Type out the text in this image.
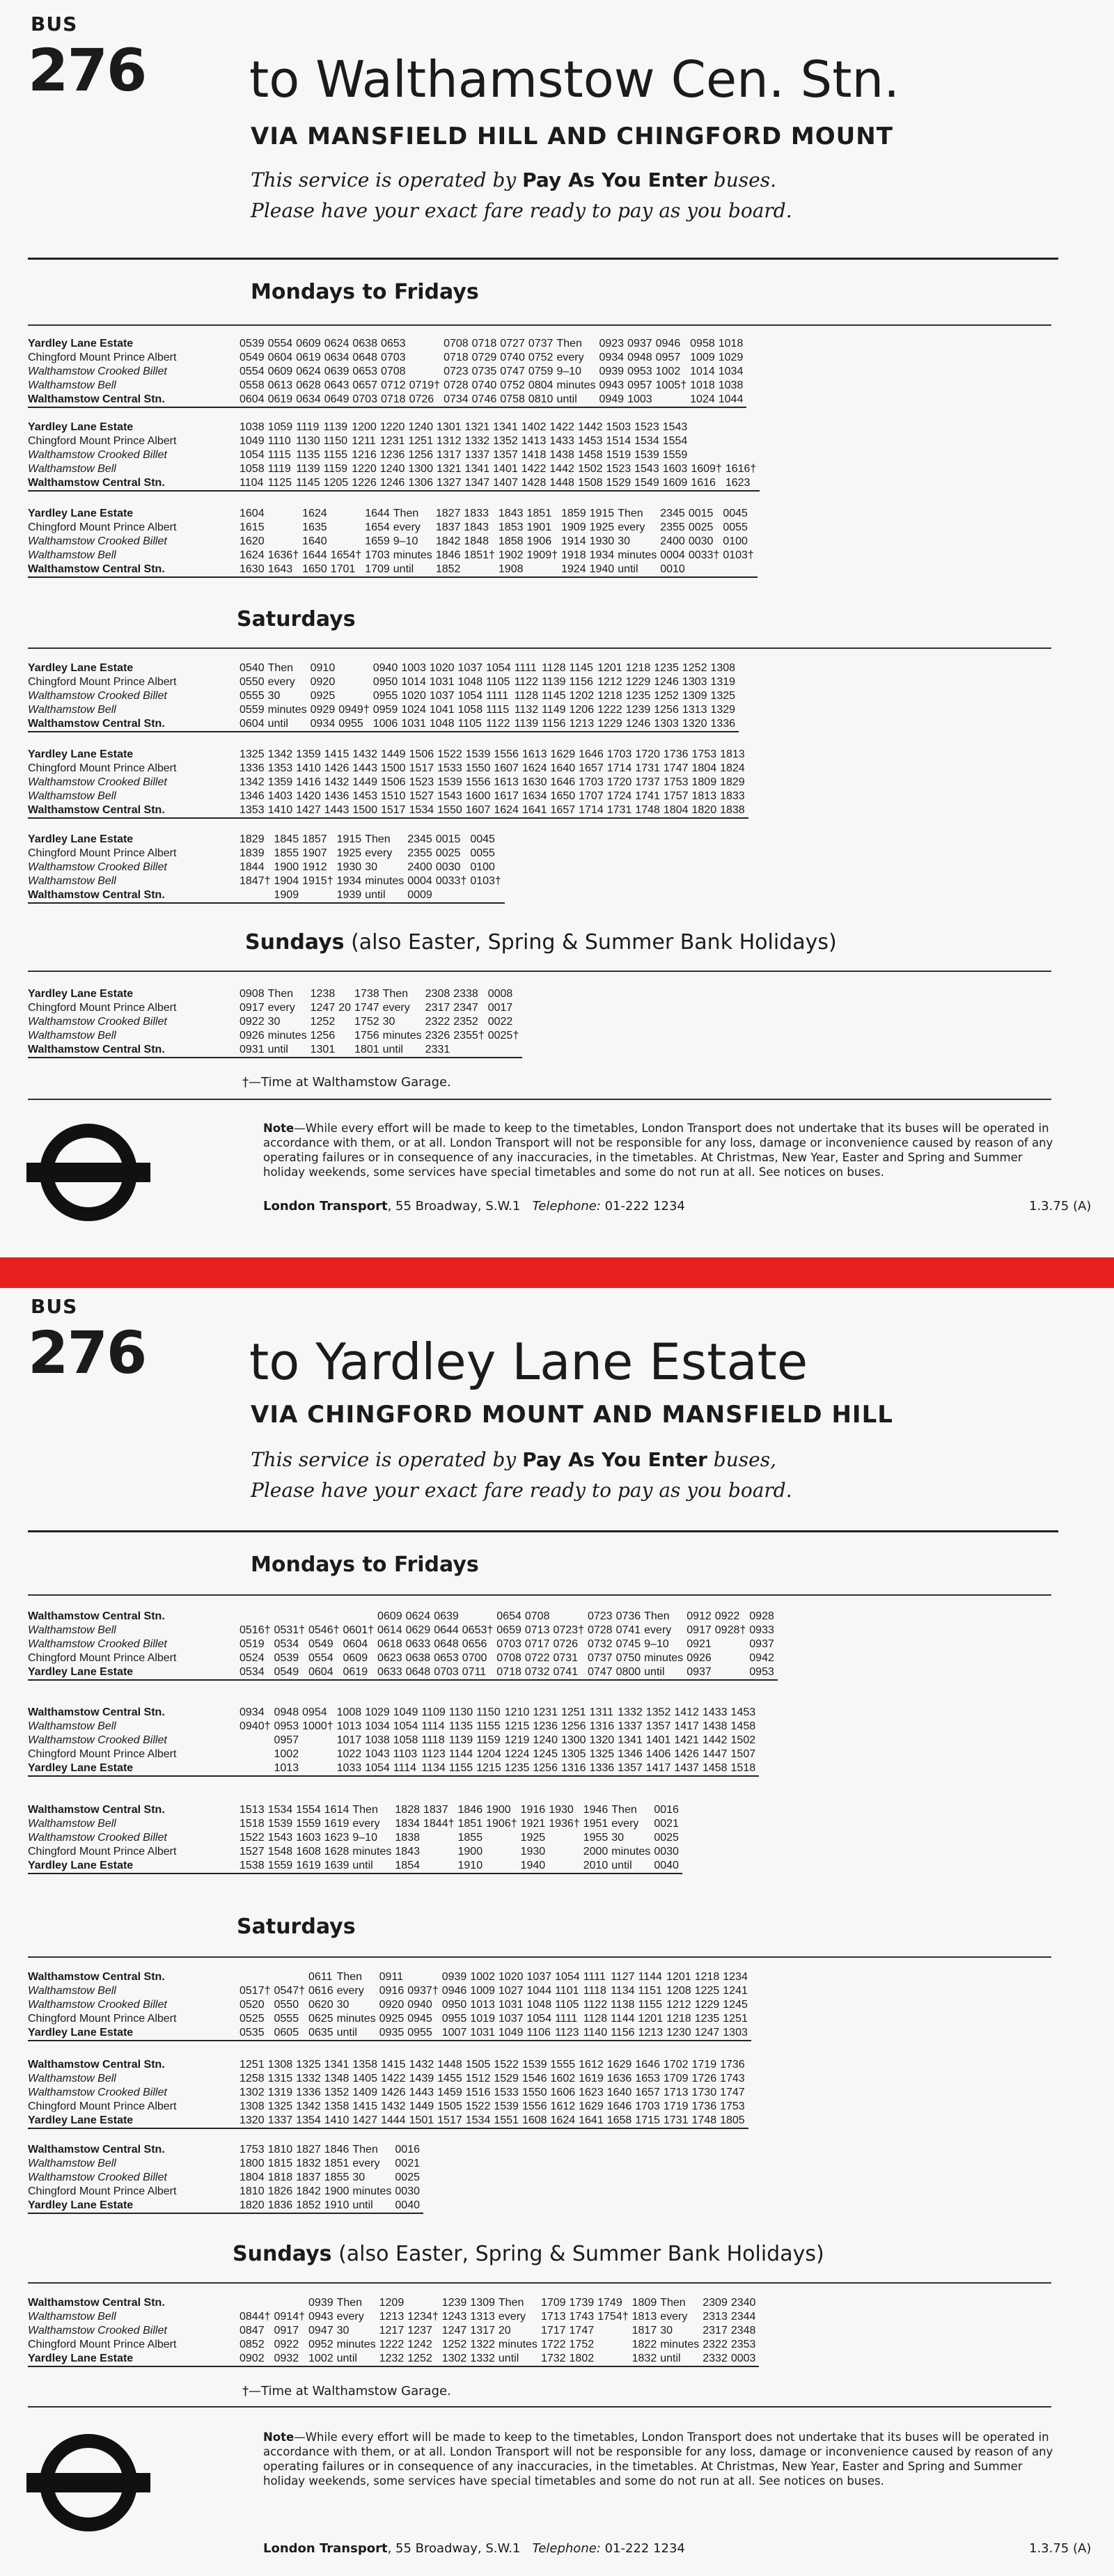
BUS
276 to Walthamstow Cen. Stn.
VIA MANSFIELD HILL AND CHINGFORD MOUNT
This service is operated by Pay As You Enter buses.
Please have your exact fare ready to pay as you board.
Mondays to Fridays
Yardley Lane Estate	0539	0554	0609	0624	0638	0653		0708	0718	0727	0737	Then	0923	0937	0946	0958	1018
Chingford Mount Prince Albert	0549	0604	0619	0634	0648	0703		0718	0729	0740	0752	every	0934	0948	0957	1009	1029
Walthamstow Crooked Billet	0554	0609	0624	0639	0653	0708		0723	0735	0747	0759	9–10	0939	0953	1002	1014	1034
Walthamstow Bell	0558	0613	0628	0643	0657	0712	0719†	0728	0740	0752	0804	minutes	0943	0957	1005†	1018	1038
Walthamstow Central Stn.	0604	0619	0634	0649	0703	0718	0726	0734	0746	0758	0810	until	0949	1003		1024	1044
Yardley Lane Estate	1038	1059	1119	1139	1200	1220	1240	1301	1321	1341	1402	1422	1442	1503	1523	1543		
Chingford Mount Prince Albert	1049	1110	1130	1150	1211	1231	1251	1312	1332	1352	1413	1433	1453	1514	1534	1554		
Walthamstow Crooked Billet	1054	1115	1135	1155	1216	1236	1256	1317	1337	1357	1418	1438	1458	1519	1539	1559		
Walthamstow Bell	1058	1119	1139	1159	1220	1240	1300	1321	1341	1401	1422	1442	1502	1523	1543	1603	1609†	1616†
Walthamstow Central Stn.	1104	1125	1145	1205	1226	1246	1306	1327	1347	1407	1428	1448	1508	1529	1549	1609	1616	1623
Yardley Lane Estate	1604		1624		1644	Then	1827	1833	1843	1851	1859	1915	Then	2345	0015	0045
Chingford Mount Prince Albert	1615		1635		1654	every	1837	1843	1853	1901	1909	1925	every	2355	0025	0055
Walthamstow Crooked Billet	1620		1640		1659	9–10	1842	1848	1858	1906	1914	1930	30	2400	0030	0100
Walthamstow Bell	1624	1636†	1644	1654†	1703	minutes	1846	1851†	1902	1909†	1918	1934	minutes	0004	0033†	0103†
Walthamstow Central Stn.	1630	1643	1650	1701	1709	until	1852		1908		1924	1940	until	0010		
Saturdays
Yardley Lane Estate	0540	Then	0910		0940	1003	1020	1037	1054	1111	1128	1145	1201	1218	1235	1252	1308
Chingford Mount Prince Albert	0550	every	0920		0950	1014	1031	1048	1105	1122	1139	1156	1212	1229	1246	1303	1319
Walthamstow Crooked Billet	0555	30	0925		0955	1020	1037	1054	1111	1128	1145	1202	1218	1235	1252	1309	1325
Walthamstow Bell	0559	minutes	0929	0949†	0959	1024	1041	1058	1115	1132	1149	1206	1222	1239	1256	1313	1329
Walthamstow Central Stn.	0604	until	0934	0955	1006	1031	1048	1105	1122	1139	1156	1213	1229	1246	1303	1320	1336
Yardley Lane Estate	1325	1342	1359	1415	1432	1449	1506	1522	1539	1556	1613	1629	1646	1703	1720	1736	1753	1813
Chingford Mount Prince Albert	1336	1353	1410	1426	1443	1500	1517	1533	1550	1607	1624	1640	1657	1714	1731	1747	1804	1824
Walthamstow Crooked Billet	1342	1359	1416	1432	1449	1506	1523	1539	1556	1613	1630	1646	1703	1720	1737	1753	1809	1829
Walthamstow Bell	1346	1403	1420	1436	1453	1510	1527	1543	1600	1617	1634	1650	1707	1724	1741	1757	1813	1833
Walthamstow Central Stn.	1353	1410	1427	1443	1500	1517	1534	1550	1607	1624	1641	1657	1714	1731	1748	1804	1820	1838
Yardley Lane Estate	1829	1845	1857	1915	Then	2345	0015	0045
Chingford Mount Prince Albert	1839	1855	1907	1925	every	2355	0025	0055
Walthamstow Crooked Billet	1844	1900	1912	1930	30	2400	0030	0100
Walthamstow Bell	1847†	1904	1915†	1934	minutes	0004	0033†	0103†
Walthamstow Central Stn.		1909		1939	until	0009		
Sundays (also Easter, Spring & Summer Bank Holidays)
Yardley Lane Estate	0908	Then	1238		1738	Then	2308	2338	0008
Chingford Mount Prince Albert	0917	every	1247	20	1747	every	2317	2347	0017
Walthamstow Crooked Billet	0922	30	1252		1752	30	2322	2352	0022
Walthamstow Bell	0926	minutes	1256		1756	minutes	2326	2355†	0025†
Walthamstow Central Stn.	0931	until	1301		1801	until	2331		
†—Time at Walthamstow Garage.
Note—While every effort will be made to keep to the timetables, London Transport does not undertake that its buses will be operated in accordance with them, or at all. London Transport will not be responsible for any loss, damage or inconvenience caused by reason of any operating failures or in consequence of any inaccuracies, in the timetables. At Christmas, New Year, Easter and Spring and Summer holiday weekends, some services have special timetables and some do not run at all. See notices on buses.
London Transport, 55 Broadway, S.W.1 Telephone: 01-222 1234	1.3.75 (A)
BUS
276 to Yardley Lane Estate
VIA CHINGFORD MOUNT AND MANSFIELD HILL
This service is operated by Pay As You Enter buses,
Please have your exact fare ready to pay as you board.
Mondays to Fridays
Walthamstow Central Stn.					0609	0624	0639		0654	0708		0723	0736	Then	0912	0922	0928
Walthamstow Bell	0516†	0531†	0546†	0601†	0614	0629	0644	0653†	0659	0713	0723†	0728	0741	every	0917	0928†	0933
Walthamstow Crooked Billet	0519	0534	0549	0604	0618	0633	0648	0656	0703	0717	0726	0732	0745	9–10	0921		0937
Chingford Mount Prince Albert	0524	0539	0554	0609	0623	0638	0653	0700	0708	0722	0731	0737	0750	minutes	0926		0942
Yardley Lane Estate	0534	0549	0604	0619	0633	0648	0703	0711	0718	0732	0741	0747	0800	until	0937		0953
Walthamstow Central Stn.	0934	0948	0954	1008	1029	1049	1109	1130	1150	1210	1231	1251	1311	1332	1352	1412	1433	1453
Walthamstow Bell	0940†	0953	1000†	1013	1034	1054	1114	1135	1155	1215	1236	1256	1316	1337	1357	1417	1438	1458
Walthamstow Crooked Billet		0957		1017	1038	1058	1118	1139	1159	1219	1240	1300	1320	1341	1401	1421	1442	1502
Chingford Mount Prince Albert		1002		1022	1043	1103	1123	1144	1204	1224	1245	1305	1325	1346	1406	1426	1447	1507
Yardley Lane Estate		1013		1033	1054	1114	1134	1155	1215	1235	1256	1316	1336	1357	1417	1437	1458	1518
Walthamstow Central Stn.	1513	1534	1554	1614	Then	1828	1837	1846	1900	1916	1930	1946	Then	0016
Walthamstow Bell	1518	1539	1559	1619	every	1834	1844†	1851	1906†	1921	1936†	1951	every	0021
Walthamstow Crooked Billet	1522	1543	1603	1623	9–10	1838		1855		1925		1955	30	0025
Chingford Mount Prince Albert	1527	1548	1608	1628	minutes	1843		1900		1930		2000	minutes	0030
Yardley Lane Estate	1538	1559	1619	1639	until	1854		1910		1940		2010	until	0040
Saturdays
Walthamstow Central Stn.			0611	Then	0911		0939	1002	1020	1037	1054	1111	1127	1144	1201	1218	1234
Walthamstow Bell	0517†	0547†	0616	every	0916	0937†	0946	1009	1027	1044	1101	1118	1134	1151	1208	1225	1241
Walthamstow Crooked Billet	0520	0550	0620	30	0920	0940	0950	1013	1031	1048	1105	1122	1138	1155	1212	1229	1245
Chingford Mount Prince Albert	0525	0555	0625	minutes	0925	0945	0955	1019	1037	1054	1111	1128	1144	1201	1218	1235	1251
Yardley Lane Estate	0535	0605	0635	until	0935	0955	1007	1031	1049	1106	1123	1140	1156	1213	1230	1247	1303
Walthamstow Central Stn.	1251	1308	1325	1341	1358	1415	1432	1448	1505	1522	1539	1555	1612	1629	1646	1702	1719	1736
Walthamstow Bell	1258	1315	1332	1348	1405	1422	1439	1455	1512	1529	1546	1602	1619	1636	1653	1709	1726	1743
Walthamstow Crooked Billet	1302	1319	1336	1352	1409	1426	1443	1459	1516	1533	1550	1606	1623	1640	1657	1713	1730	1747
Chingford Mount Prince Albert	1308	1325	1342	1358	1415	1432	1449	1505	1522	1539	1556	1612	1629	1646	1703	1719	1736	1753
Yardley Lane Estate	1320	1337	1354	1410	1427	1444	1501	1517	1534	1551	1608	1624	1641	1658	1715	1731	1748	1805
Walthamstow Central Stn.	1753	1810	1827	1846	Then	0016
Walthamstow Bell	1800	1815	1832	1851	every	0021
Walthamstow Crooked Billet	1804	1818	1837	1855	30	0025
Chingford Mount Prince Albert	1810	1826	1842	1900	minutes	0030
Yardley Lane Estate	1820	1836	1852	1910	until	0040
Sundays (also Easter, Spring & Summer Bank Holidays)
Walthamstow Central Stn.			0939	Then	1209		1239	1309	Then	1709	1739	1749	1809	Then	2309	2340
Walthamstow Bell	0844†	0914†	0943	every	1213	1234†	1243	1313	every	1713	1743	1754†	1813	every	2313	2344
Walthamstow Crooked Billet	0847	0917	0947	30	1217	1237	1247	1317	20	1717	1747		1817	30	2317	2348
Chingford Mount Prince Albert	0852	0922	0952	minutes	1222	1242	1252	1322	minutes	1722	1752		1822	minutes	2322	2353
Yardley Lane Estate	0902	0932	1002	until	1232	1252	1302	1332	until	1732	1802		1832	until	2332	0003
†—Time at Walthamstow Garage.
Note—While every effort will be made to keep to the timetables, London Transport does not undertake that its buses will be operated in accordance with them, or at all. London Transport will not be responsible for any loss, damage or inconvenience caused by reason of any operating failures or in consequence of any inaccuracies, in the timetables. At Christmas, New Year, Easter and Spring and Summer holiday weekends, some services have special timetables and some do not run at all. See notices on buses.
London Transport, 55 Broadway, S.W.1 Telephone: 01-222 1234	1.3.75 (A)
